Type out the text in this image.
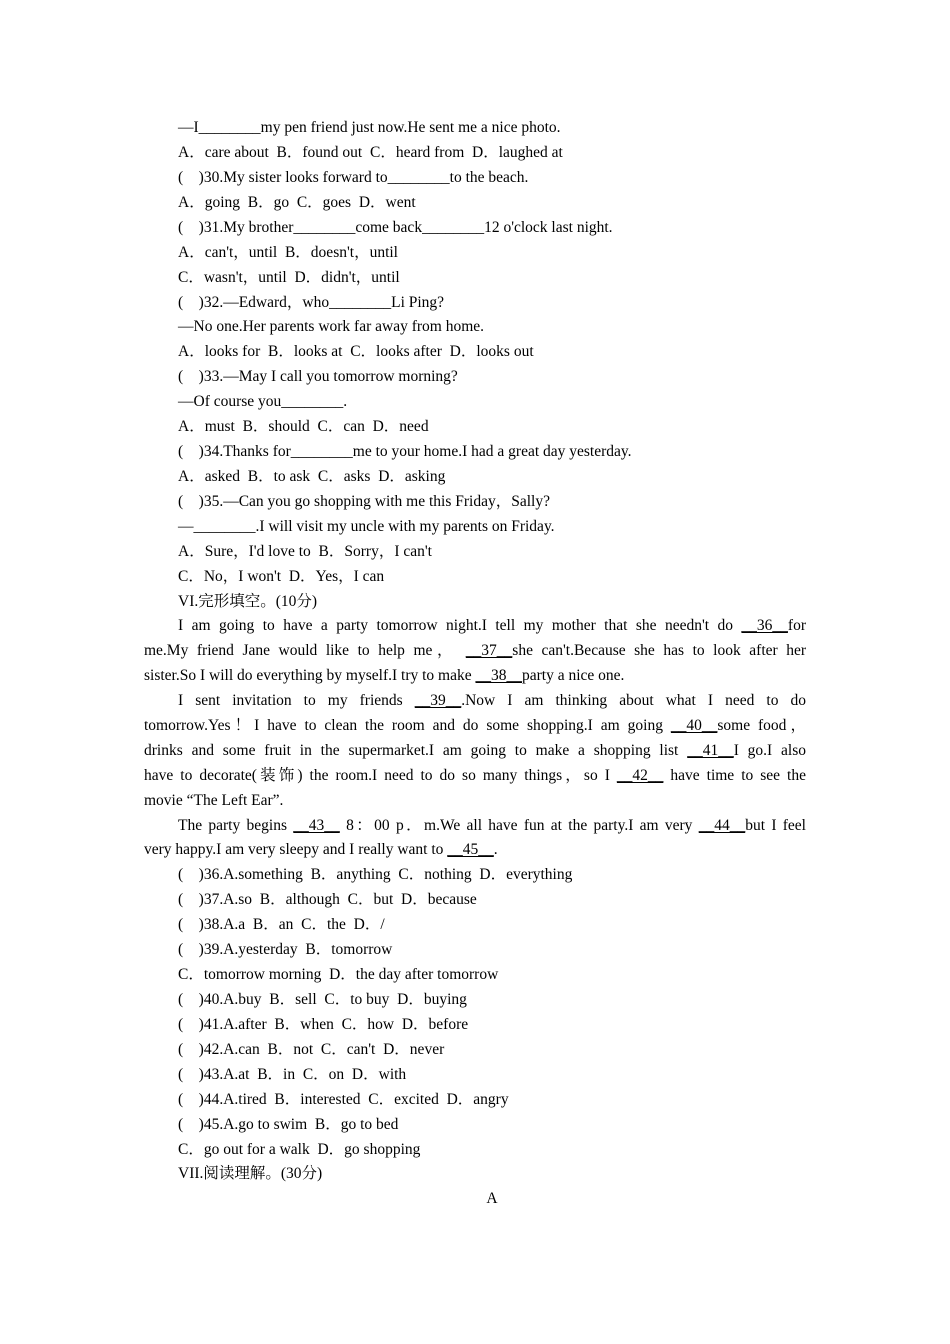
—I________my pen friend just now.He sent me a nice photo.
A．care about  B．found out  C．heard from  D．laughed at
(    )30.My sister looks forward to________to the beach.
A．going  B．go  C．goes  D．went
(    )31.My brother________come back________12 o'clock last night.
A．can't，until  B．doesn't，until
C．wasn't，until  D．didn't，until
(    )32.—Edward，who________Li Ping?
—No one.Her parents work far away from home.
A．looks for  B．looks at  C．looks after  D．looks out
(    )33.—May I call you tomorrow morning?
—Of course you________.
A．must  B．should  C．can  D．need
(    )34.Thanks for________me to your home.I had a great day yesterday.
A．asked  B．to ask  C．asks  D．asking
(    )35.—Can you go shopping with me this Friday，Sally?
—________.I will visit my uncle with my parents on Friday.
A．Sure，I'd love to  B．Sorry，I can't
C．No，I won't  D．Yes，I can
VI.完形填空。(10分)
I am going to have a party tomorrow night.I tell my mother that she needn't do __36__for
me.My friend Jane would like to help me， __37__she can't.Because she has to look after her
sister.So I will do everything by myself.I try to make __38__party a nice one.
I sent invitation to my friends __39__.Now I am thinking about what I need to do
tomorrow.Yes！I have to clean the room and do some shopping.I am going __40__some food，
drinks and some fruit in the supermarket.I am going to make a shopping list __41__I go.I also
have to decorate(装饰) the room.I need to do so many things，so I __42__ have time to see the
movie “The Left Ear”.
The party begins __43__ 8：00 p．m.We all have fun at the party.I am very __44__but I feel
very happy.I am very sleepy and I really want to __45__.
(    )36.A.something  B．anything  C．nothing  D．everything
(    )37.A.so  B．although  C．but  D．because
(    )38.A.a  B．an  C．the  D．/
(    )39.A.yesterday  B．tomorrow
C．tomorrow morning  D．the day after tomorrow
(    )40.A.buy  B．sell  C．to buy  D．buying
(    )41.A.after  B．when  C．how  D．before
(    )42.A.can  B．not  C．can't  D．never
(    )43.A.at  B．in  C．on  D．with
(    )44.A.tired  B．interested  C．excited  D．angry
(    )45.A.go to swim  B．go to bed
C．go out for a walk  D．go shopping
VII.阅读理解。(30分)
A
